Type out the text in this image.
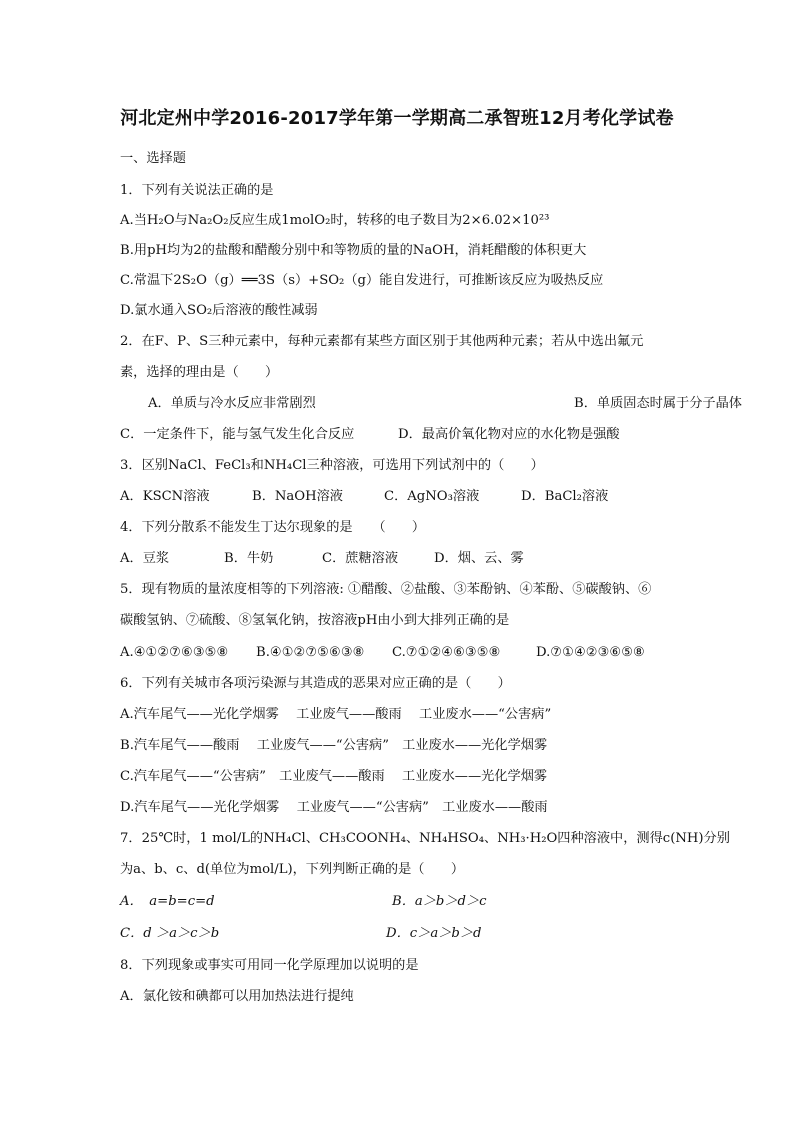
河北定州中学2016-2017学年第一学期高二承智班12月考化学试卷
一、选择题
1．下列有关说法正确的是
A.当H₂O与Na₂O₂反应生成1molO₂时，转移的电子数目为2×6.02×10²³
B.用pH均为2的盐酸和醋酸分别中和等物质的量的NaOH，消耗醋酸的体积更大
C.常温下2S₂O（g）══3S（s）+SO₂（g）能自发进行，可推断该反应为吸热反应
D.氯水通入SO₂后溶液的酸性减弱
2．在F、P、S三种元素中，每种元素都有某些方面区别于其他两种元素；若从中选出氟元
素，选择的理由是（　　）
A．单质与冷水反应非常剧烈	B．单质固态时属于分子晶体
C．一定条件下，能与氢气发生化合反应	D．最高价氧化物对应的水化物是强酸
3．区别NaCl、FeCl₃和NH₄Cl三种溶液，可选用下列试剂中的（　　）
A．KSCN溶液	B．NaOH溶液	C．AgNO₃溶液	D．BaCl₂溶液
4．下列分散系不能发生丁达尔现象的是　　（　　）
A．豆浆	B．牛奶	C．蔗糖溶液	D．烟、云、雾
5．现有物质的量浓度相等的下列溶液: ①醋酸、②盐酸、③苯酚钠、④苯酚、⑤碳酸钠、⑥
碳酸氢钠、⑦硫酸、⑧氢氧化钠，按溶液pH由小到大排列正确的是
A.④①②⑦⑥③⑤⑧ B.④①②⑦⑤⑥③⑧ C.⑦①②④⑥③⑤⑧	D.⑦①④②③⑥⑤⑧
6．下列有关城市各项污染源与其造成的恶果对应正确的是（　　）
A.汽车尾气——光化学烟雾　 工业废气——酸雨　 工业废水——“公害病”
B.汽车尾气——酸雨　 工业废气——“公害病”　工业废水——光化学烟雾
C.汽车尾气——“公害病”　工业废气——酸雨　 工业废水——光化学烟雾
D.汽车尾气——光化学烟雾　 工业废气——“公害病”　工业废水——酸雨
7．25℃时，1 mol/L的NH₄Cl、CH₃COONH₄、NH₄HSO₄、NH₃·H₂O四种溶液中，测得c(NH)分别
为a、b、c、d(单位为mol/L)，下列判断正确的是（　　）
A．　a=b=c=d	B．a＞b＞d＞c
C．d ＞a＞c＞b	D．c＞a＞b＞d
8．下列现象或事实可用同一化学原理加以说明的是
A．氯化铵和碘都可以用加热法进行提纯
